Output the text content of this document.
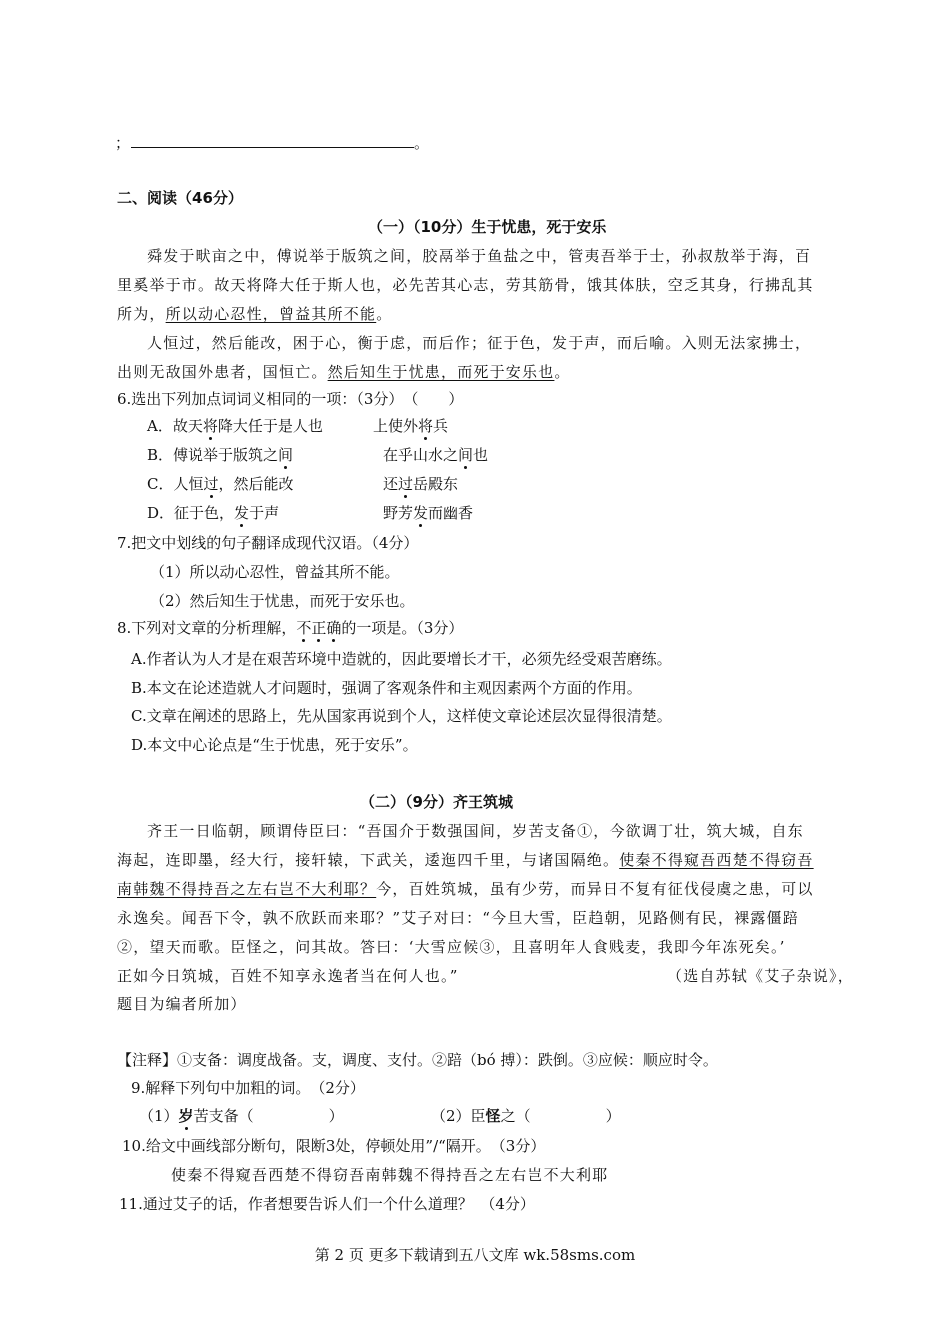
；	。
二、阅读（46分）
（一）（10分）生于忧患，死于安乐
舜发于畎亩之中，傅说举于版筑之间，胶鬲举于鱼盐之中，管夷吾举于士，孙叔敖举于海，百
里奚举于市。故天将降大任于斯人也，必先苦其心志，劳其筋骨，饿其体肤，空乏其身，行拂乱其
所为，所以动心忍性，曾益其所不能。
人恒过，然后能改，困于心，衡于虑，而后作；征于色，发于声，而后喻。入则无法家拂士，
出则无敌国外患者，国恒亡。然后知生于忧患，而死于安乐也。
6.选出下列加点词词义相同的一项：（3分）　（　　）
A．故天将降大任于是人也	上使外将兵
B．傅说举于版筑之间	在乎山水之间也
C．人恒过，然后能改	还过岳殿东
D．征于色，发于声	野芳发而幽香
7.把文中划线的句子翻译成现代汉语。（4分）
（1）所以动心忍性，曾益其所不能。
（2）然后知生于忧患，而死于安乐也。
8.下列对文章的分析理解，不正确的一项是。（3分）
A.作者认为人才是在艰苦环境中造就的，因此要增长才干，必须先经受艰苦磨练。
B.本文在论述造就人才问题时，强调了客观条件和主观因素两个方面的作用。
C.文章在阐述的思路上，先从国家再说到个人，这样使文章论述层次显得很清楚。
D.本文中心论点是“生于忧患，死于安乐”。
（二）（9分）齐王筑城
齐王一日临朝，顾谓侍臣曰：“吾国介于数强国间，岁苦支备①，今欲调丁壮，筑大城，自东
海起，连即墨，经大行，接轩辕，下武关，逶迤四千里，与诸国隔绝。使秦不得窥吾西楚不得窃吾
南韩魏不得持吾之左右岂不大利耶？今，百姓筑城，虽有少劳，而异日不复有征伐侵虞之患，可以
永逸矣。闻吾下令，孰不欣跃而来耶？”艾子对曰：“今旦大雪，臣趋朝，见路侧有民，裸露僵踣
②，望天而歌。臣怪之，问其故。答曰：‘大雪应候③，且喜明年人食贱麦，我即今年冻死矣。’
正如今日筑城，百姓不知享永逸者当在何人也。”	（选自苏轼《艾子杂说》，
题目为编者所加）
【注释】①支备：调度战备。支，调度、支付。②踣（bó 搏）：跌倒。③应候：顺应时令。
9.解释下列句中加粗的词。　（2分）
（1）岁苦支备（　　　　　）	（2）臣怪之（　　　　　）
10.给文中画线部分断句，限断3处，停顿处用”/“隔开。　（3分）
使秦不得窥吾西楚不得窃吾南韩魏不得持吾之左右岂不大利耶
11.通过艾子的话，作者想要告诉人们一个什么道理？　（4分）
第 2 页 更多下载请到五八文库 wk.58sms.com
